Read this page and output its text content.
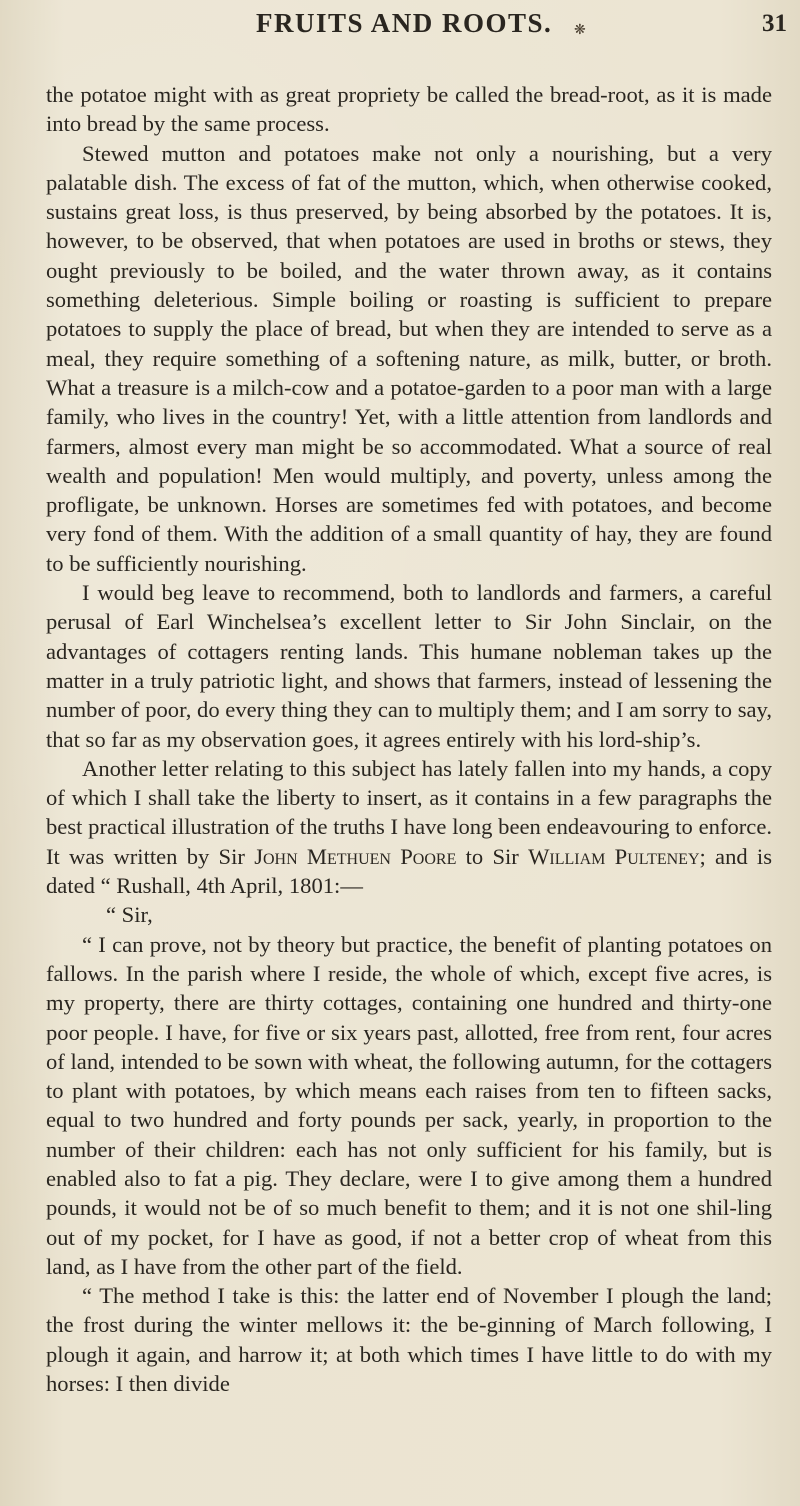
FRUITS AND ROOTS. ❋	31

the potatoe might with as great propriety be called the bread-root, as it is made into bread by the same process.

Stewed mutton and potatoes make not only a nourishing, but a very palatable dish. The excess of fat of the mutton, which, when otherwise cooked, sustains great loss, is thus preserved, by being absorbed by the potatoes. It is, however, to be observed, that when potatoes are used in broths or stews, they ought previously to be boiled, and the water thrown away, as it contains something deleterious. Simple boiling or roasting is sufficient to prepare potatoes to supply the place of bread, but when they are intended to serve as a meal, they require something of a softening nature, as milk, butter, or broth. What a treasure is a milch-cow and a potatoe-garden to a poor man with a large family, who lives in the country! Yet, with a little attention from landlords and farmers, almost every man might be so accommodated. What a source of real wealth and population! Men would multiply, and poverty, unless among the profligate, be unknown. Horses are sometimes fed with potatoes, and become very fond of them. With the addition of a small quantity of hay, they are found to be sufficiently nourishing.

I would beg leave to recommend, both to landlords and farmers, a careful perusal of Earl Winchelsea’s excellent letter to Sir John Sinclair, on the advantages of cottagers renting lands. This humane nobleman takes up the matter in a truly patriotic light, and shows that farmers, instead of lessening the number of poor, do every thing they can to multiply them; and I am sorry to say, that so far as my observation goes, it agrees entirely with his lord-ship’s.

Another letter relating to this subject has lately fallen into my hands, a copy of which I shall take the liberty to insert, as it contains in a few paragraphs the best practical illustration of the truths I have long been endeavouring to enforce. It was written by Sir John Methuen Poore to Sir William Pulteney; and is dated “ Rushall, 4th April, 1801:—

“ Sir,

“ I can prove, not by theory but practice, the benefit of planting potatoes on fallows. In the parish where I reside, the whole of which, except five acres, is my property, there are thirty cottages, containing one hundred and thirty-one poor people. I have, for five or six years past, allotted, free from rent, four acres of land, intended to be sown with wheat, the following autumn, for the cottagers to plant with potatoes, by which means each raises from ten to fifteen sacks, equal to two hundred and forty pounds per sack, yearly, in proportion to the number of their children: each has not only sufficient for his family, but is enabled also to fat a pig. They declare, were I to give among them a hundred pounds, it would not be of so much benefit to them; and it is not one shil-ling out of my pocket, for I have as good, if not a better crop of wheat from this land, as I have from the other part of the field.

“ The method I take is this: the latter end of November I plough the land; the frost during the winter mellows it: the be-ginning of March following, I plough it again, and harrow it; at both which times I have little to do with my horses: I then divide
